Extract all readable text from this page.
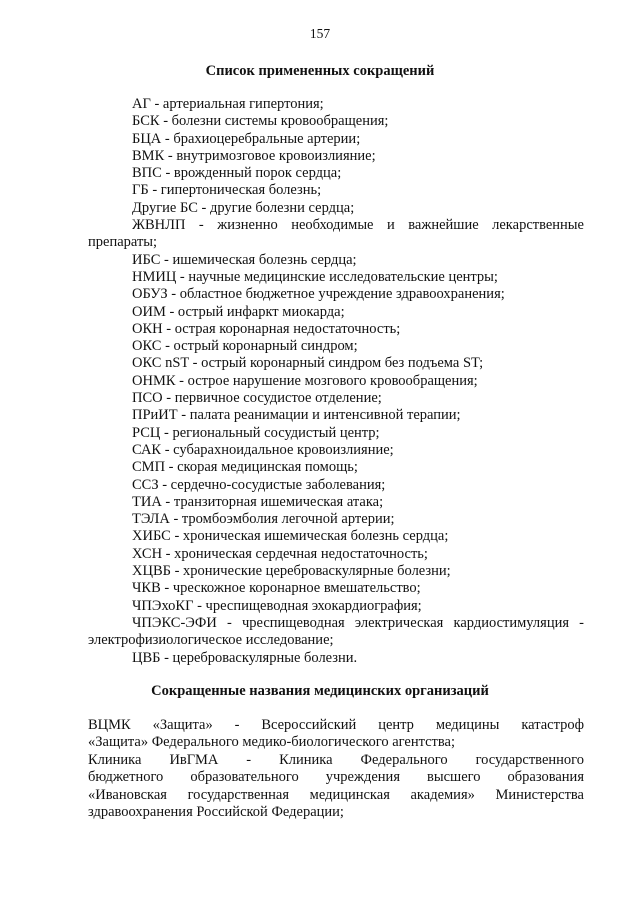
157
Список примененных сокращений
АГ - артериальная гипертония;
БСК - болезни системы кровообращения;
БЦА - брахиоцеребральные артерии;
ВМК - внутримозговое кровоизлияние;
ВПС - врожденный порок сердца;
ГБ - гипертоническая болезнь;
Другие БС - другие болезни сердца;
ЖВНЛП - жизненно необходимые и важнейшие лекарственные
препараты;
ИБС - ишемическая болезнь сердца;
НМИЦ - научные медицинские исследовательские центры;
ОБУЗ - областное бюджетное учреждение здравоохранения;
ОИМ - острый инфаркт миокарда;
ОКН - острая коронарная недостаточность;
ОКС - острый коронарный синдром;
ОКС nST - острый коронарный синдром без подъема ST;
ОНМК - острое нарушение мозгового кровообращения;
ПСО - первичное сосудистое отделение;
ПРиИТ - палата реанимации и интенсивной терапии;
РСЦ - региональный сосудистый центр;
САК - субарахноидальное кровоизлияние;
СМП - скорая медицинская помощь;
ССЗ - сердечно-сосудистые заболевания;
ТИА - транзиторная ишемическая атака;
ТЭЛА - тромбоэмболия легочной артерии;
ХИБС - хроническая ишемическая болезнь сердца;
ХСН - хроническая сердечная недостаточность;
ХЦВБ - хронические цереброваскулярные болезни;
ЧКВ - чрескожное коронарное вмешательство;
ЧПЭхоКГ - чреспищеводная эхокардиография;
ЧПЭКС-ЭФИ - чреспищеводная электрическая кардиостимуляция -
электрофизиологическое исследование;
ЦВБ - цереброваскулярные болезни.
Сокращенные названия медицинских организаций
ВЦМК «Защита» - Всероссийский центр медицины катастроф
«Защита» Федерального медико-биологического агентства;
Клиника ИвГМА - Клиника Федерального государственного
бюджетного образовательного учреждения высшего образования
«Ивановская государственная медицинская академия» Министерства
здравоохранения Российской Федерации;
